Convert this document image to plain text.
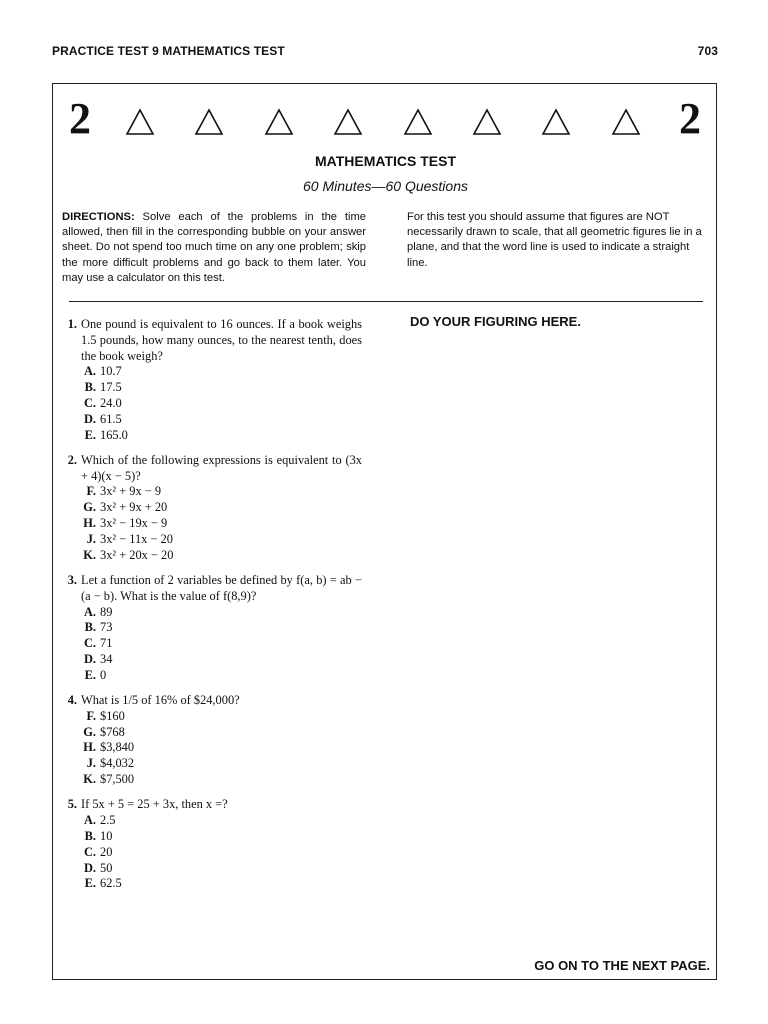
PRACTICE TEST 9 MATHEMATICS TEST	703
2	2
MATHEMATICS TEST
60 Minutes—60 Questions
DIRECTIONS: Solve each of the problems in the time allowed, then fill in the corresponding bubble on your answer sheet. Do not spend too much time on any one problem; skip the more difficult problems and go back to them later. You may use a calculator on this test.
For this test you should assume that figures are NOT necessarily drawn to scale, that all geometric figures lie in a plane, and that the word line is used to indicate a straight line.
DO YOUR FIGURING HERE.
1. One pound is equivalent to 16 ounces. If a book weighs 1.5 pounds, how many ounces, to the nearest tenth, does the book weigh?
A. 10.7
B. 17.5
C. 24.0
D. 61.5
E. 165.0
2. Which of the following expressions is equivalent to (3x + 4)(x − 5)?
F. 3x² + 9x − 9
G. 3x² + 9x + 20
H. 3x² − 19x − 9
J. 3x² − 11x − 20
K. 3x² + 20x − 20
3. Let a function of 2 variables be defined by f(a, b) = ab − (a − b). What is the value of f(8,9)?
A. 89
B. 73
C. 71
D. 34
E. 0
4. What is 1/5 of 16% of $24,000?
F. $160
G. $768
H. $3,840
J. $4,032
K. $7,500
5. If 5x + 5 = 25 + 3x, then x =?
A. 2.5
B. 10
C. 20
D. 50
E. 62.5
GO ON TO THE NEXT PAGE.
